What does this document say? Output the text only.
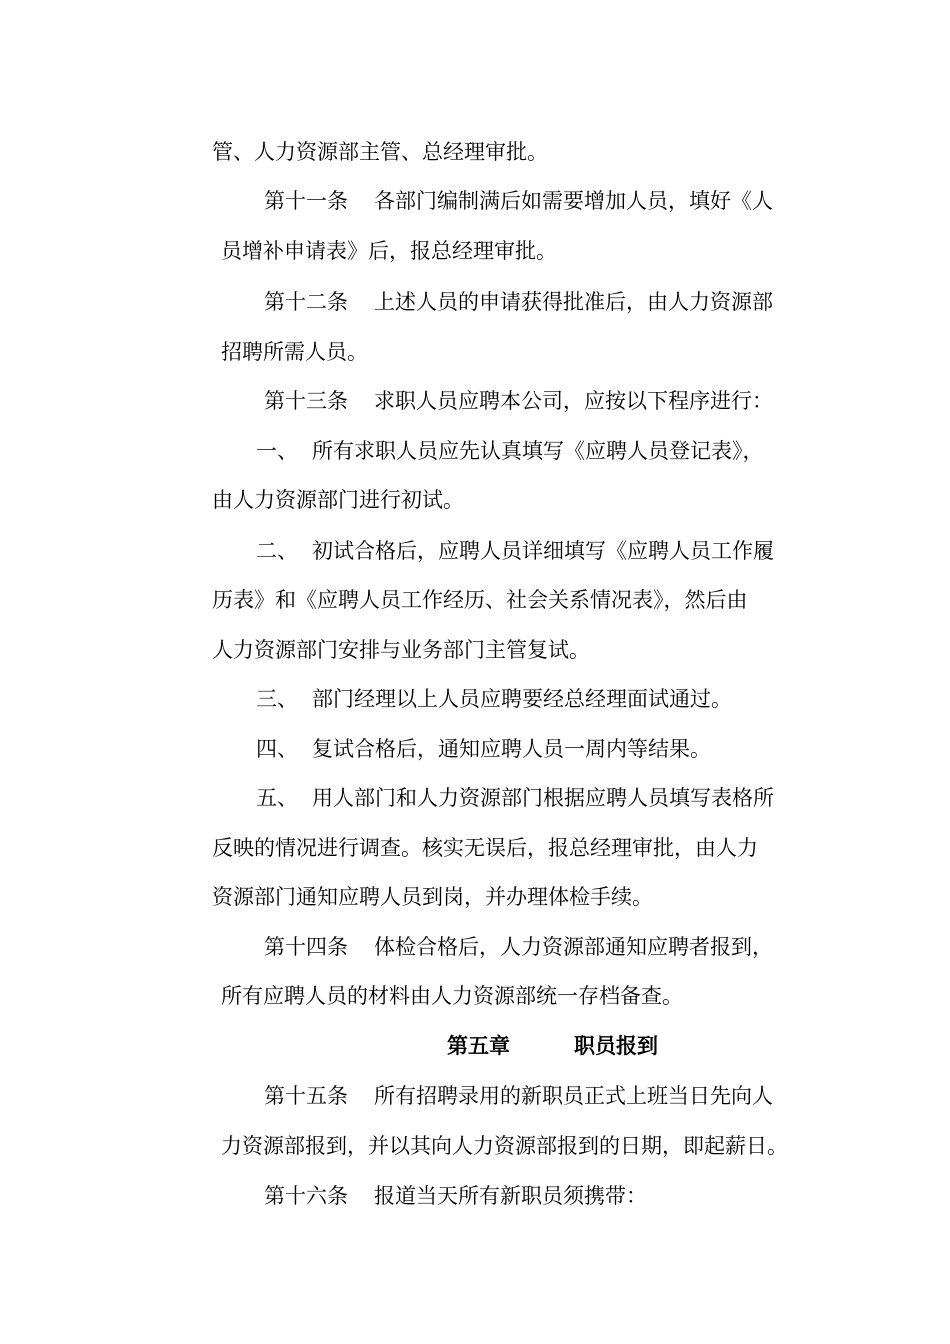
管、人力资源部主管、总经理审批。

第十一条 各部门编制满后如需要增加人员，填好《人

员增补申请表》后，报总经理审批。

第十二条 上述人员的申请获得批准后，由人力资源部

招聘所需人员。

第十三条 求职人员应聘本公司，应按以下程序进行：

一、 所有求职人员应先认真填写《应聘人员登记表》，

由人力资源部门进行初试。

二、 初试合格后，应聘人员详细填写《应聘人员工作履

历表》和《应聘人员工作经历、社会关系情况表》，然后由

人力资源部门安排与业务部门主管复试。

三、 部门经理以上人员应聘要经总经理面试通过。

四、 复试合格后，通知应聘人员一周内等结果。

五、 用人部门和人力资源部门根据应聘人员填写表格所

反映的情况进行调查。核实无误后，报总经理审批，由人力

资源部门通知应聘人员到岗，并办理体检手续。

第十四条 体检合格后，人力资源部通知应聘者报到，

所有应聘人员的材料由人力资源部统一存档备查。

第五章	职员报到

第十五条 所有招聘录用的新职员正式上班当日先向人

力资源部报到，并以其向人力资源部报到的日期，即起薪日。

第十六条 报道当天所有新职员须携带：
